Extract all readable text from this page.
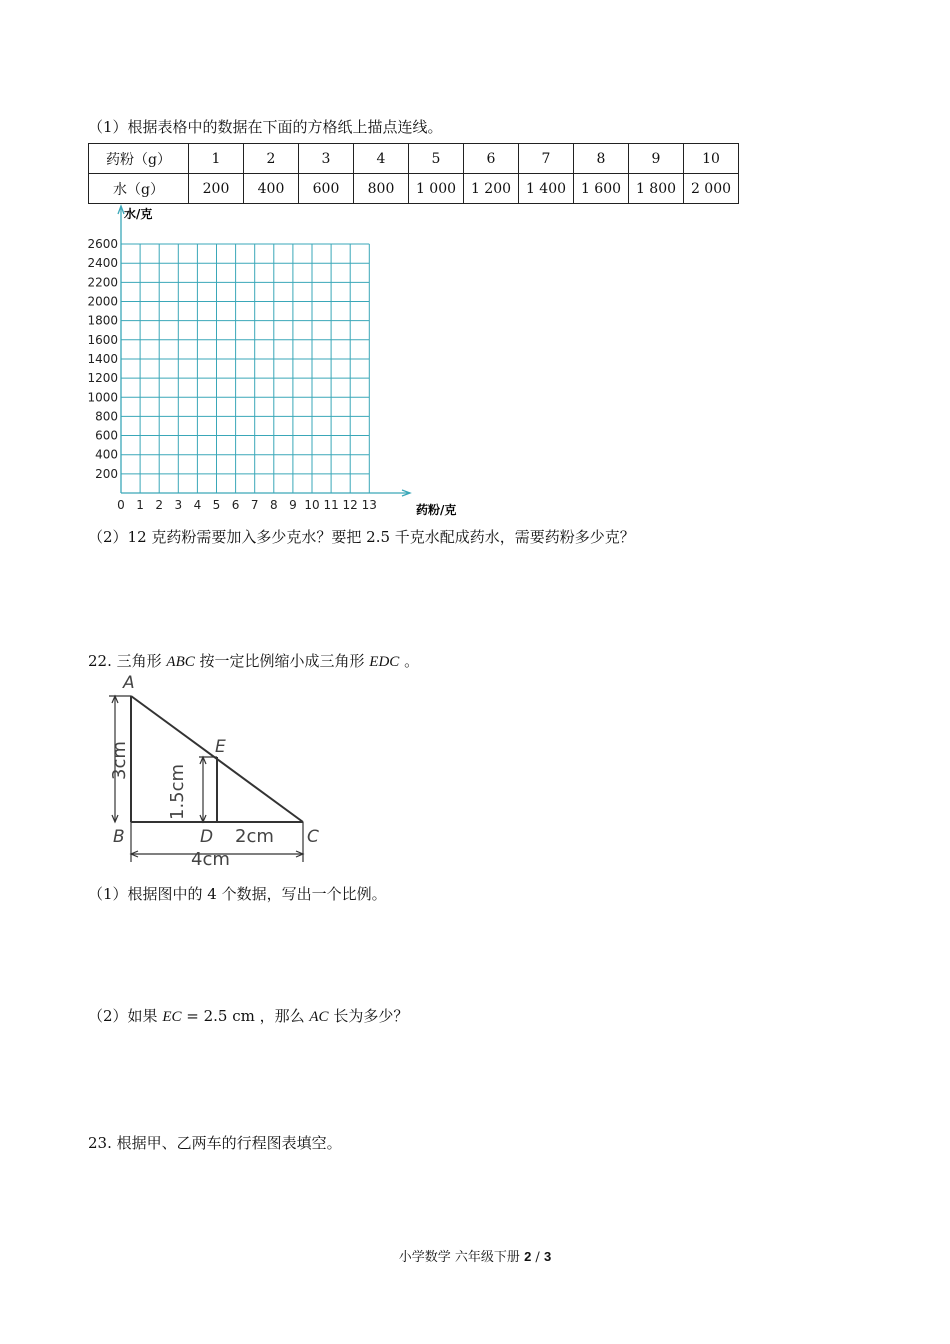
（1）根据表格中的数据在下面的方格纸上描点连线。
药粉（g）	1	2	3	4	5	6	7	8	9	10
水（g）	200	400	600	800	1 000	1 200	1 400	1 600	1 800	2 000
2600
2400
2200
2000
1800
1600
1400
1200
1000
800
600
400
200
0 1 2 3 4 5 6 7 8 9 10 11 12 13
水/克
药粉/克
（2）12 克药粉需要加入多少克水？要把 2.5 千克水配成药水，需要药粉多少克？
22. 三角形 ABC 按一定比例缩小成三角形 EDC 。
A
B	C
D
E
3cm
1.5cm
2cm
4cm
（1）根据图中的 4 个数据，写出一个比例。
（2）如果 EC = 2.5 cm ，那么 AC 长为多少？
23. 根据甲、乙两车的行程图表填空。
小学数学 六年级下册 2 / 3
